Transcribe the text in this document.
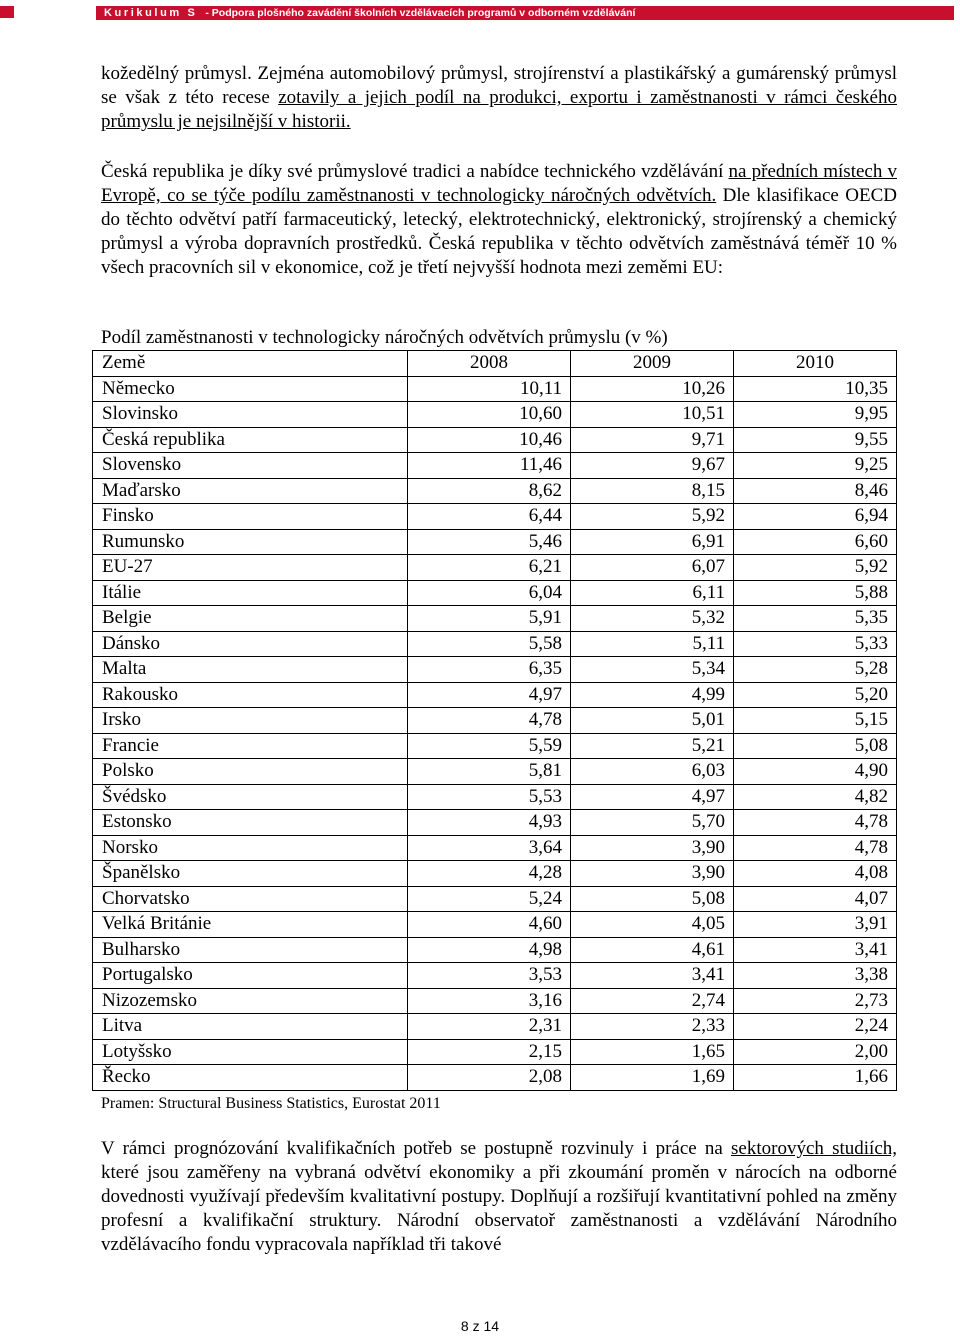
Kurikulum S - Podpora plošného zavádění školních vzdělávacích programů v odborném vzdělávání

kožedělný průmysl. Zejména automobilový průmysl, strojírenství a plastikářský a gumárenský průmysl se však z této recese zotavily a jejich podíl na produkci, exportu i zaměstnanosti v rámci českého průmyslu je nejsilnější v historii.

Česká republika je díky své průmyslové tradici a nabídce technického vzdělávání na předních místech v Evropě, co se týče podílu zaměstnanosti v technologicky náročných odvětvích. Dle klasifikace OECD do těchto odvětví patří farmaceutický, letecký, elektrotechnický, elektronický, strojírenský a chemický průmysl a výroba dopravních prostředků. Česká republika v těchto odvětvích zaměstnává téměř 10 % všech pracovních sil v ekonomice, což je třetí nejvyšší hodnota mezi zeměmi EU:

Podíl zaměstnanosti v technologicky náročných odvětvích průmyslu (v %)

Země	2008	2009	2010
Německo	10,11	10,26	10,35
Slovinsko	10,60	10,51	9,95
Česká republika	10,46	9,71	9,55
Slovensko	11,46	9,67	9,25
Maďarsko	8,62	8,15	8,46
Finsko	6,44	5,92	6,94
Rumunsko	5,46	6,91	6,60
EU-27	6,21	6,07	5,92
Itálie	6,04	6,11	5,88
Belgie	5,91	5,32	5,35
Dánsko	5,58	5,11	5,33
Malta	6,35	5,34	5,28
Rakousko	4,97	4,99	5,20
Irsko	4,78	5,01	5,15
Francie	5,59	5,21	5,08
Polsko	5,81	6,03	4,90
Švédsko	5,53	4,97	4,82
Estonsko	4,93	5,70	4,78
Norsko	3,64	3,90	4,78
Španělsko	4,28	3,90	4,08
Chorvatsko	5,24	5,08	4,07
Velká Británie	4,60	4,05	3,91
Bulharsko	4,98	4,61	3,41
Portugalsko	3,53	3,41	3,38
Nizozemsko	3,16	2,74	2,73
Litva	2,31	2,33	2,24
Lotyšsko	2,15	1,65	2,00
Řecko	2,08	1,69	1,66

Pramen: Structural Business Statistics, Eurostat 2011

V rámci prognózování kvalifikačních potřeb se postupně rozvinuly i práce na sektorových studiích, které jsou zaměřeny na vybraná odvětví ekonomiky a při zkoumání proměn v nárocích na odborné dovednosti využívají především kvalitativní postupy. Doplňují a rozšiřují kvantitativní pohled na změny profesní a kvalifikační struktury. Národní observatoř zaměstnanosti a vzdělávání Národního vzdělávacího fondu vypracovala například tři takové

8 z 14
